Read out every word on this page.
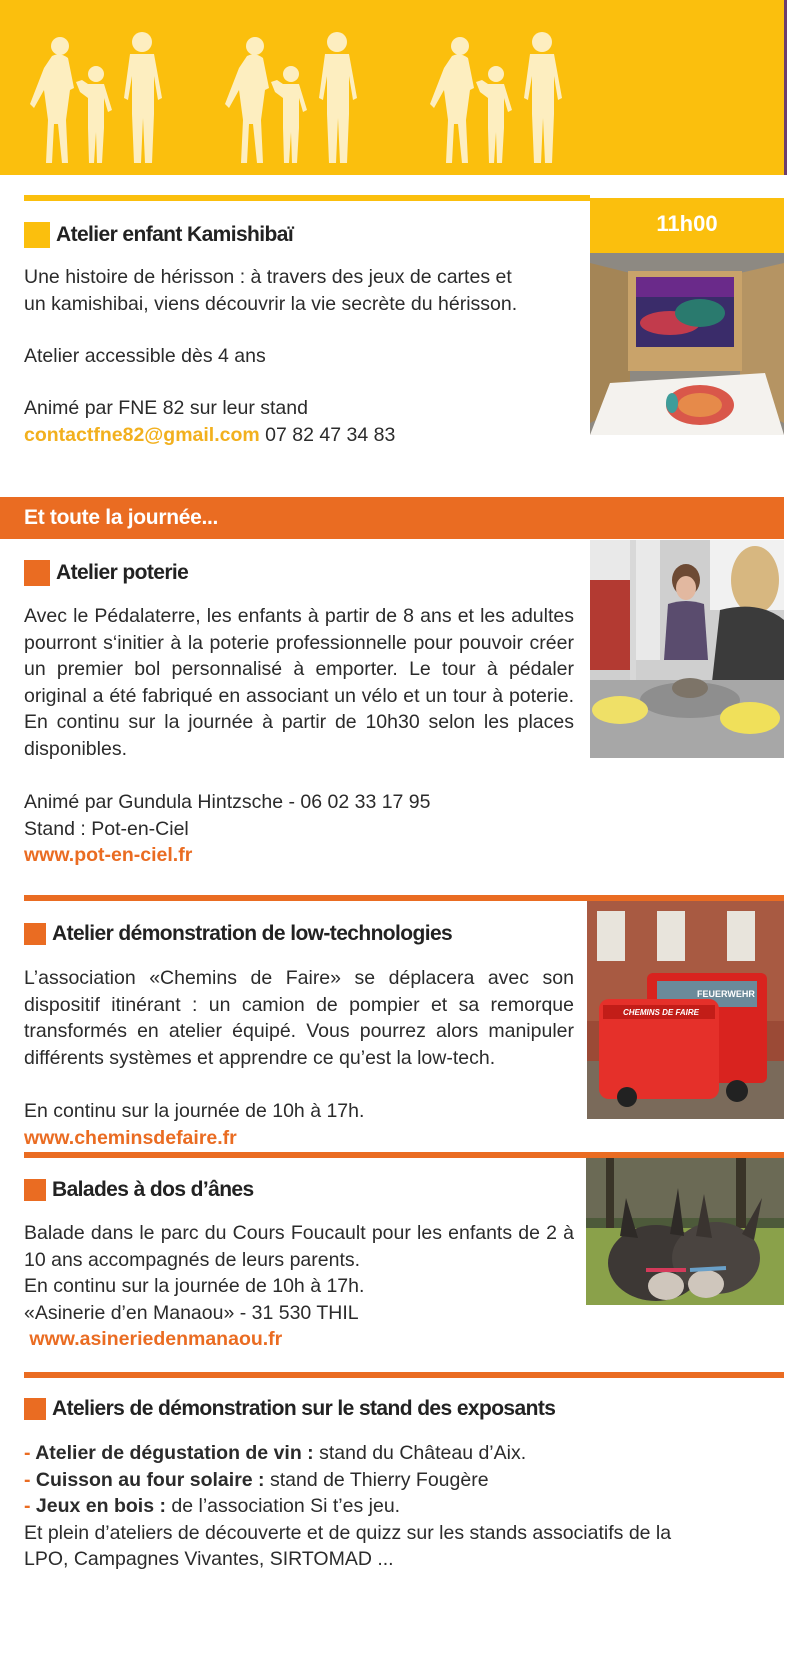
11h00
Atelier enfant Kamishibaï
Une histoire de hérisson : à travers des jeux de cartes et
un kamishibai, viens découvrir la vie secrète du hérisson.
Atelier accessible dès 4 ans
Animé par FNE 82 sur leur stand
contactfne82@gmail.com 07 82 47 34 83
Et toute la journée...
Atelier poterie
Avec le Pédalaterre, les enfants à partir de 8 ans et les adultes pourront s‘initier à la poterie professionnelle pour pouvoir créer un premier bol personnalisé à emporter. Le tour à pédaler original a été fabriqué en associant un vélo et un tour à poterie. En continu sur la journée à partir de 10h30 selon les places disponibles.
Animé par Gundula Hintzsche - 06 02 33 17 95
Stand : Pot-en-Ciel
www.pot-en-ciel.fr
Atelier démonstration de low-technologies
L’association «Chemins de Faire» se déplacera avec son dispositif itinérant : un camion de pompier et sa remorque transformés en atelier équipé. Vous pourrez alors manipuler différents systèmes et apprendre ce qu’est la low-tech.
En continu sur la journée de 10h à 17h.
www.cheminsdefaire.fr
FEUERWEHR
CHEMINS DE FAIRE
Balades à dos d’ânes
Balade dans le parc du Cours Foucault pour les enfants de 2 à 10 ans accompagnés de leurs parents.
En continu sur la journée de 10h à 17h.
«Asinerie d’en Manaou» - 31 530 THIL
www.asineriedenmanaou.fr
Ateliers de démonstration sur le stand des exposants
- Atelier de dégustation de vin : stand du Château d’Aix.
- Cuisson au four solaire : stand de Thierry Fougère
- Jeux en bois : de l’association Si t’es jeu.
Et plein d’ateliers de découverte et de quizz sur les stands associatifs de la
LPO, Campagnes Vivantes, SIRTOMAD ...
